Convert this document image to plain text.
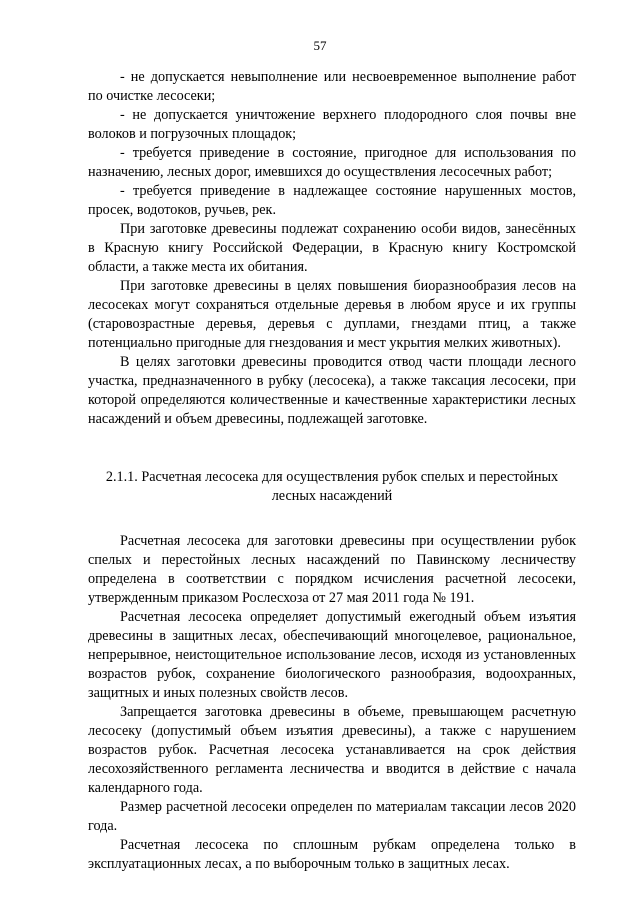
57

- не допускается невыполнение или несвоевременное выполнение работ по очистке лесосеки;

- не допускается уничтожение верхнего плодородного слоя почвы вне волоков и погрузочных площадок;

- требуется приведение в состояние, пригодное для использования по назначению, лесных дорог, имевшихся до осуществления лесосечных работ;

- требуется приведение в надлежащее состояние нарушенных мостов, просек, водотоков, ручьев, рек.

При заготовке древесины подлежат сохранению особи видов, занесённых в Красную книгу Российской Федерации, в Красную книгу Костромской области, а также места их обитания.

При заготовке древесины в целях повышения биоразнообразия лесов на лесосеках могут сохраняться отдельные деревья в любом ярусе и их группы (старовозрастные деревья, деревья с дуплами, гнездами птиц, а также потенциально пригодные для гнездования и мест укрытия мелких животных).

В целях заготовки древесины проводится отвод части площади лесного участка, предназначенного в рубку (лесосека), а также таксация лесосеки, при которой определяются количественные и качественные характеристики лесных насаждений и объем древесины, подлежащей заготовке.

2.1.1. Расчетная лесосека для осуществления рубок спелых и перестойных лесных насаждений

Расчетная лесосека для заготовки древесины при осуществлении рубок спелых и перестойных лесных насаждений по Павинскому лесничеству определена в соответствии с порядком исчисления расчетной лесосеки, утвержденным приказом Рослесхоза от 27 мая 2011 года № 191.

Расчетная лесосека определяет допустимый ежегодный объем изъятия древесины в защитных лесах, обеспечивающий многоцелевое, рациональное, непрерывное, неистощительное использование лесов, исходя из установленных возрастов рубок, сохранение биологического разнообразия, водоохранных, защитных и иных полезных свойств лесов.

Запрещается заготовка древесины в объеме, превышающем расчетную лесосеку (допустимый объем изъятия древесины), а также с нарушением возрастов рубок. Расчетная лесосека устанавливается на срок действия лесохозяйственного регламента лесничества и вводится в действие с начала календарного года.

Размер расчетной лесосеки определен по материалам таксации лесов 2020 года.

Расчетная лесосека по сплошным рубкам определена только в эксплуатационных лесах, а по выборочным только в защитных лесах.
